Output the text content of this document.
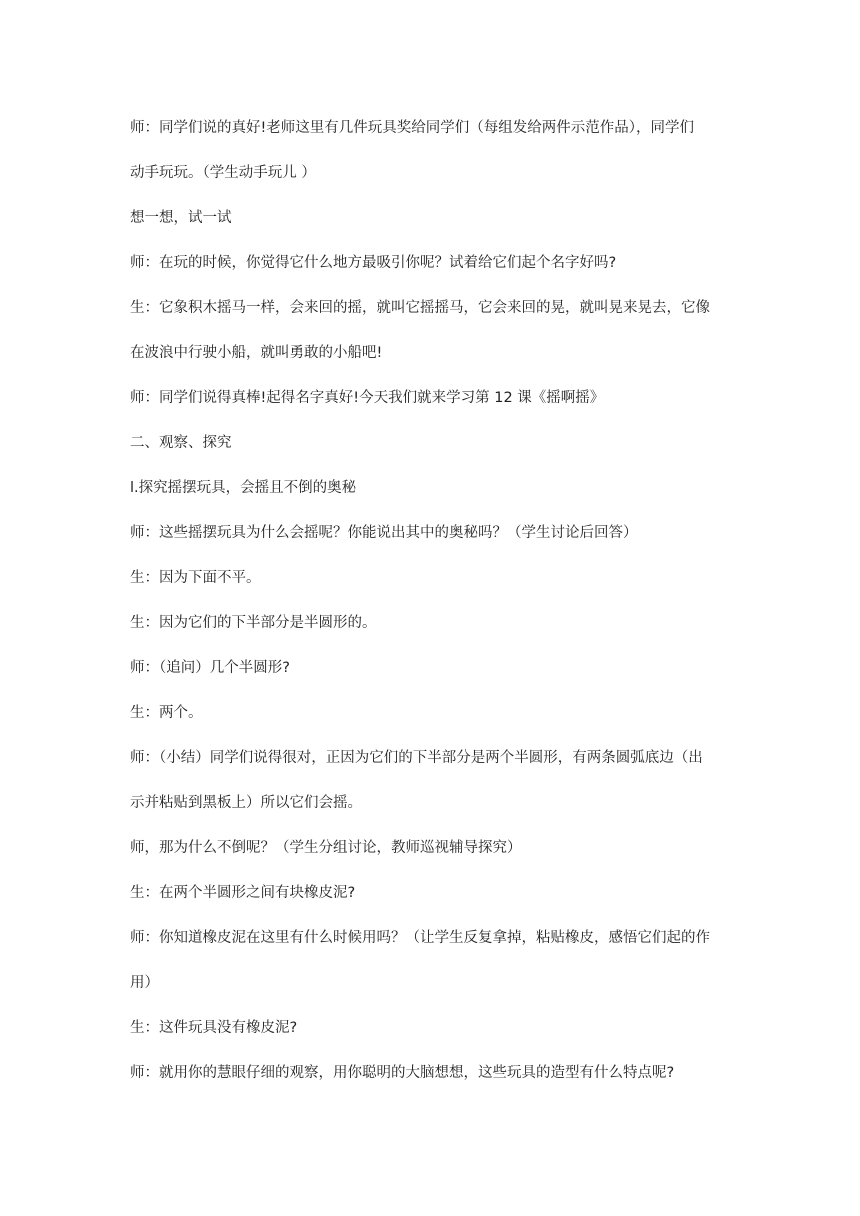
师：同学们说的真好!老师这里有几件玩具奖给同学们（每组发给两件示范作品），同学们
动手玩玩。（学生动手玩儿 ）
想一想，试一试
师：在玩的时候，你觉得它什么地方最吸引你呢？试着给它们起个名字好吗?
生：它象积木摇马一样，会来回的摇，就叫它摇摇马，它会来回的晃，就叫晃来晃去，它像
在波浪中行驶小船，就叫勇敢的小船吧!
师：同学们说得真棒!起得名字真好!今天我们就来学习第 12 课《摇啊摇》
二、观察、探究
l.探究摇摆玩具，会摇且不倒的奥秘
师：这些摇摆玩具为什么会摇呢？你能说出其中的奥秘吗？（学生讨论后回答）
生：因为下面不平。
生：因为它们的下半部分是半圆形的。
师：（追问）几个半圆形?
生：两个。
师：（小结）同学们说得很对，正因为它们的下半部分是两个半圆形，有两条圆弧底边（出
示并粘贴到黑板上）所以它们会摇。
师，那为什么不倒呢？（学生分组讨论，教师巡视辅导探究）
生：在两个半圆形之间有块橡皮泥?
师：你知道橡皮泥在这里有什么时候用吗？（让学生反复拿掉，粘贴橡皮，感悟它们起的作
用）
生：这件玩具没有橡皮泥?
师：就用你的慧眼仔细的观察，用你聪明的大脑想想，这些玩具的造型有什么特点呢?
